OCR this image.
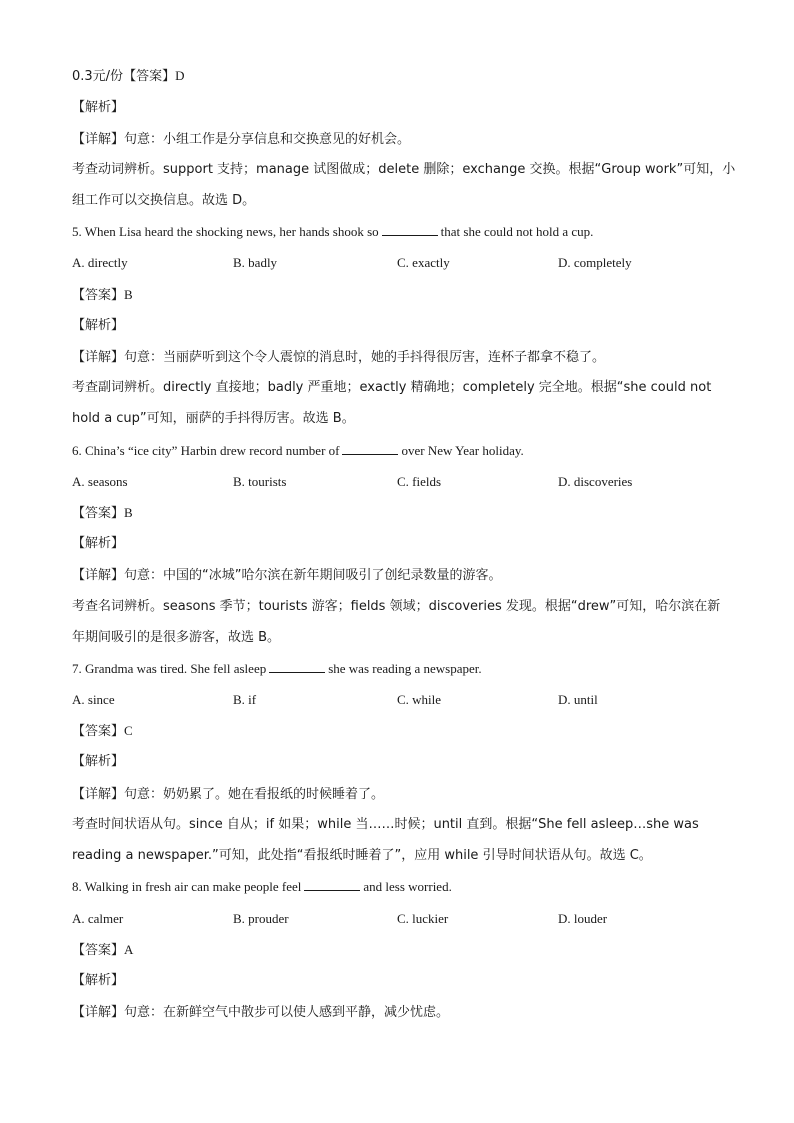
0.3元/份【答案】D
【解析】
【详解】句意：小组工作是分享信息和交换意见的好机会。
考查动词辨析。support 支持；manage 试图做成；delete 删除；exchange 交换。根据“Group work”可知，小
组工作可以交换信息。故选 D。
5. When Lisa heard the shocking news, her hands shook so	that she could not hold a cup.
A. directly	B. badly	C. exactly	D. completely
【答案】B
【解析】
【详解】句意：当丽萨听到这个令人震惊的消息时，她的手抖得很厉害，连杯子都拿不稳了。
考查副词辨析。directly 直接地；badly 严重地；exactly 精确地；completely 完全地。根据“she could not
hold a cup”可知，丽萨的手抖得厉害。故选 B。
6. China’s “ice city” Harbin drew record number of	over New Year holiday.
A. seasons	B. tourists	C. fields	D. discoveries
【答案】B
【解析】
【详解】句意：中国的“冰城”哈尔滨在新年期间吸引了创纪录数量的游客。
考查名词辨析。seasons 季节；tourists 游客；fields 领域；discoveries 发现。根据“drew”可知，哈尔滨在新
年期间吸引的是很多游客，故选 B。
7. Grandma was tired. She fell asleep	she was reading a newspaper.
A. since	B. if	C. while	D. until
【答案】C
【解析】
【详解】句意：奶奶累了。她在看报纸的时候睡着了。
考查时间状语从句。since 自从；if 如果；while 当……时候；until 直到。根据“She fell asleep…she was
reading a newspaper.”可知，此处指“看报纸时睡着了”，应用 while 引导时间状语从句。故选 C。
8. Walking in fresh air can make people feel	and less worried.
A. calmer	B. prouder	C. luckier	D. louder
【答案】A
【解析】
【详解】句意：在新鲜空气中散步可以使人感到平静，减少忧虑。
